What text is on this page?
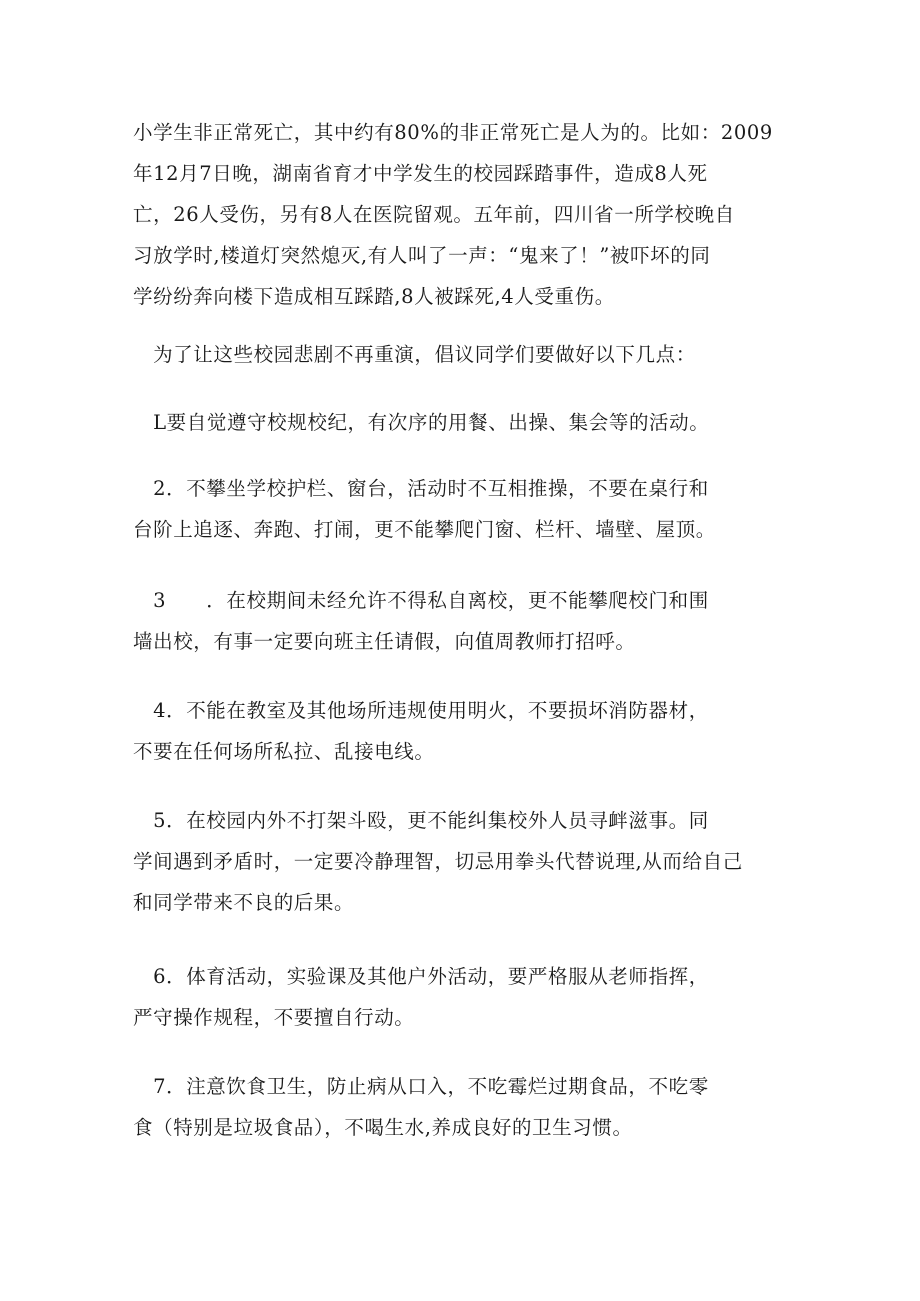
小学生非正常死亡，其中约有80%的非正常死亡是人为的。比如：2009
年12月7日晚，湖南省育才中学发生的校园踩踏事件，造成8人死
亡，26人受伤，另有8人在医院留观。五年前，四川省一所学校晚自
习放学时,楼道灯突然熄灭,有人叫了一声：“鬼来了！”被吓坏的同
学纷纷奔向楼下造成相互踩踏,8人被踩死,4人受重伤。

　为了让这些校园悲剧不再重演，倡议同学们要做好以下几点：

　L要自觉遵守校规校纪，有次序的用餐、出操、集会等的活动。

　2．不攀坐学校护栏、窗台，活动时不互相推操，不要在桌行和
台阶上追逐、奔跑、打闹，更不能攀爬门窗、栏杆、墙壁、屋顶。

　3　　．在校期间未经允许不得私自离校，更不能攀爬校门和围
墙出校，有事一定要向班主任请假，向值周教师打招呼。

　4．不能在教室及其他场所违规使用明火，不要损坏消防器材，
不要在任何场所私拉、乱接电线。

　5．在校园内外不打架斗殴，更不能纠集校外人员寻衅滋事。同
学间遇到矛盾时，一定要冷静理智，切忌用拳头代替说理,从而给自己
和同学带来不良的后果。

　6．体育活动，实验课及其他户外活动，要严格服从老师指挥，
严守操作规程，不要擅自行动。

　7．注意饮食卫生，防止病从口入，不吃霉烂过期食品，不吃零
食（特别是垃圾食品），不喝生水,养成良好的卫生习惯。
